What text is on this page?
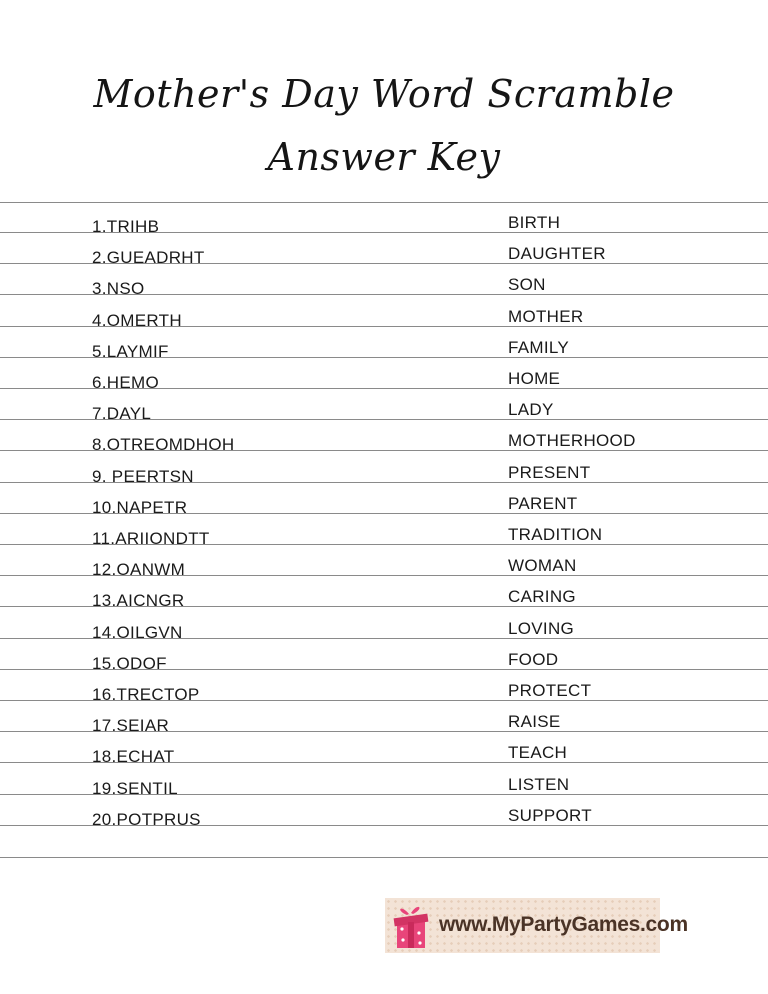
Mother's Day Word Scramble
Answer Key
1.TRIHB	BIRTH
2.GUEADRHT	DAUGHTER
3.NSO	SON
4.OMERTH	MOTHER
5.LAYMIF	FAMILY
6.HEMO	HOME
7.DAYL	LADY
8.OTREOMDHOH	MOTHERHOOD
9. PEERTSN	PRESENT
10.NAPETR	PARENT
11.ARIIONDTT	TRADITION
12.OANWM	WOMAN
13.AICNGR	CARING
14.OILGVN	LOVING
15.ODOF	FOOD
16.TRECTOP	PROTECT
17.SEIAR	RAISE
18.ECHAT	TEACH
19.SENTIL	LISTEN
20.POTPRUS	SUPPORT
www.MyPartyGames.com
